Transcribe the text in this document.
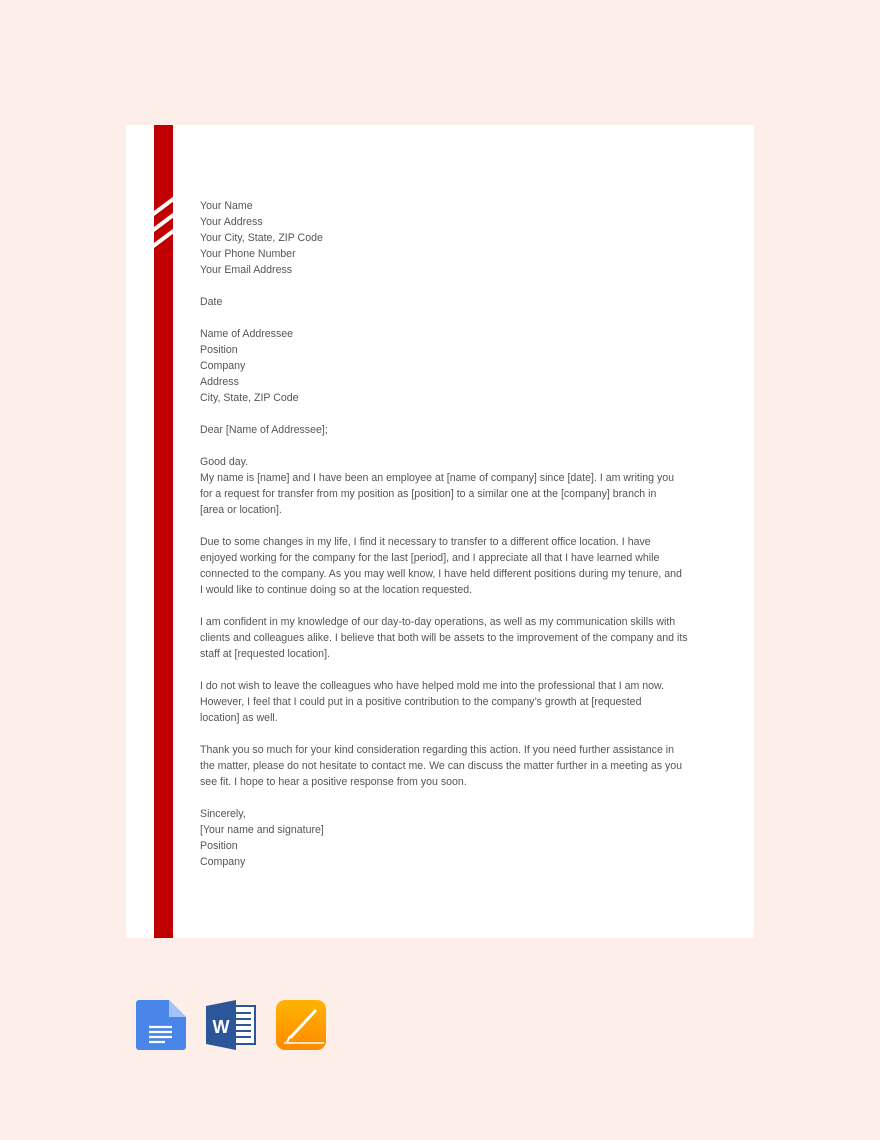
Your Name
Your Address
Your City, State, ZIP Code
Your Phone Number
Your Email Address
Date
Name of Addressee
Position
Company
Address
City, State, ZIP Code
Dear [Name of Addressee];
Good day.
My name is [name] and I have been an employee at [name of company] since [date]. I am writing you
for a request for transfer from my position as [position] to a similar one at the [company] branch in
[area or location].
Due to some changes in my life, I find it necessary to transfer to a different office location. I have
enjoyed working for the company for the last [period], and I appreciate all that I have learned while
connected to the company. As you may well know, I have held different positions during my tenure, and
I would like to continue doing so at the location requested.
I am confident in my knowledge of our day-to-day operations, as well as my communication skills with
clients and colleagues alike. I believe that both will be assets to the improvement of the company and its
staff at [requested location].
I do not wish to leave the colleagues who have helped mold me into the professional that I am now.
However, I feel that I could put in a positive contribution to the company’s growth at [requested
location] as well.
Thank you so much for your kind consideration regarding this action. If you need further assistance in
the matter, please do not hesitate to contact me. We can discuss the matter further in a meeting as you
see fit. I hope to hear a positive response from you soon.
Sincerely,
[Your name and signature]
Position
Company
W
